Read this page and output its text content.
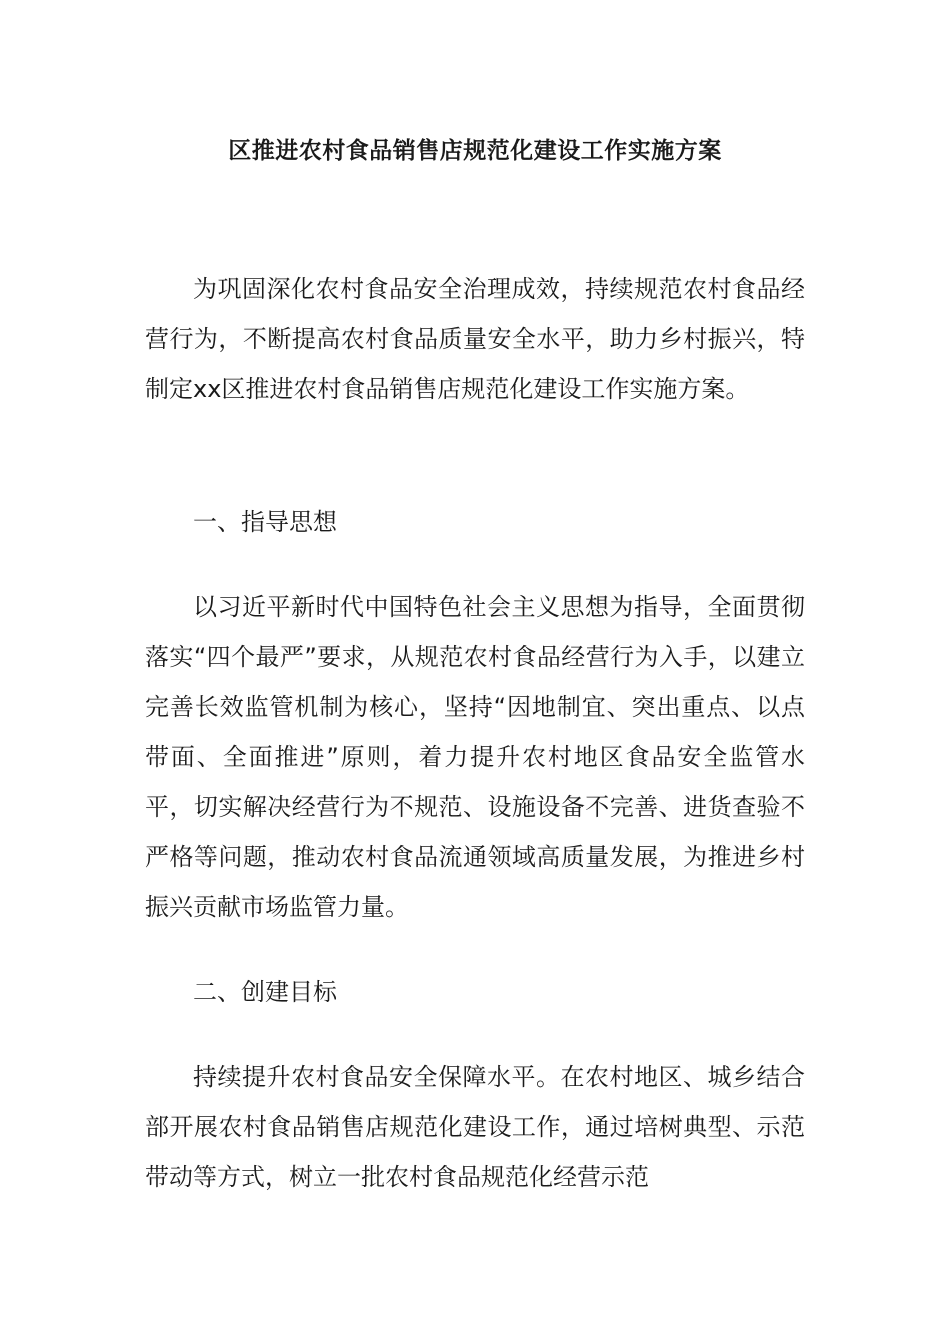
区推进农村食品销售店规范化建设工作实施方案

为巩固深化农村食品安全治理成效，持续规范农村食品经营行为，不断提高农村食品质量安全水平，助力乡村振兴，特制定xx区推进农村食品销售店规范化建设工作实施方案。

一、指导思想

以习近平新时代中国特色社会主义思想为指导，全面贯彻落实“四个最严”要求，从规范农村食品经营行为入手，以建立完善长效监管机制为核心，坚持“因地制宜、突出重点、以点带面、全面推进”原则，着力提升农村地区食品安全监管水平，切实解决经营行为不规范、设施设备不完善、进货查验不严格等问题，推动农村食品流通领域高质量发展，为推进乡村振兴贡献市场监管力量。

二、创建目标

持续提升农村食品安全保障水平。在农村地区、城乡结合部开展农村食品销售店规范化建设工作，通过培树典型、示范带动等方式，树立一批农村食品规范化经营示范
